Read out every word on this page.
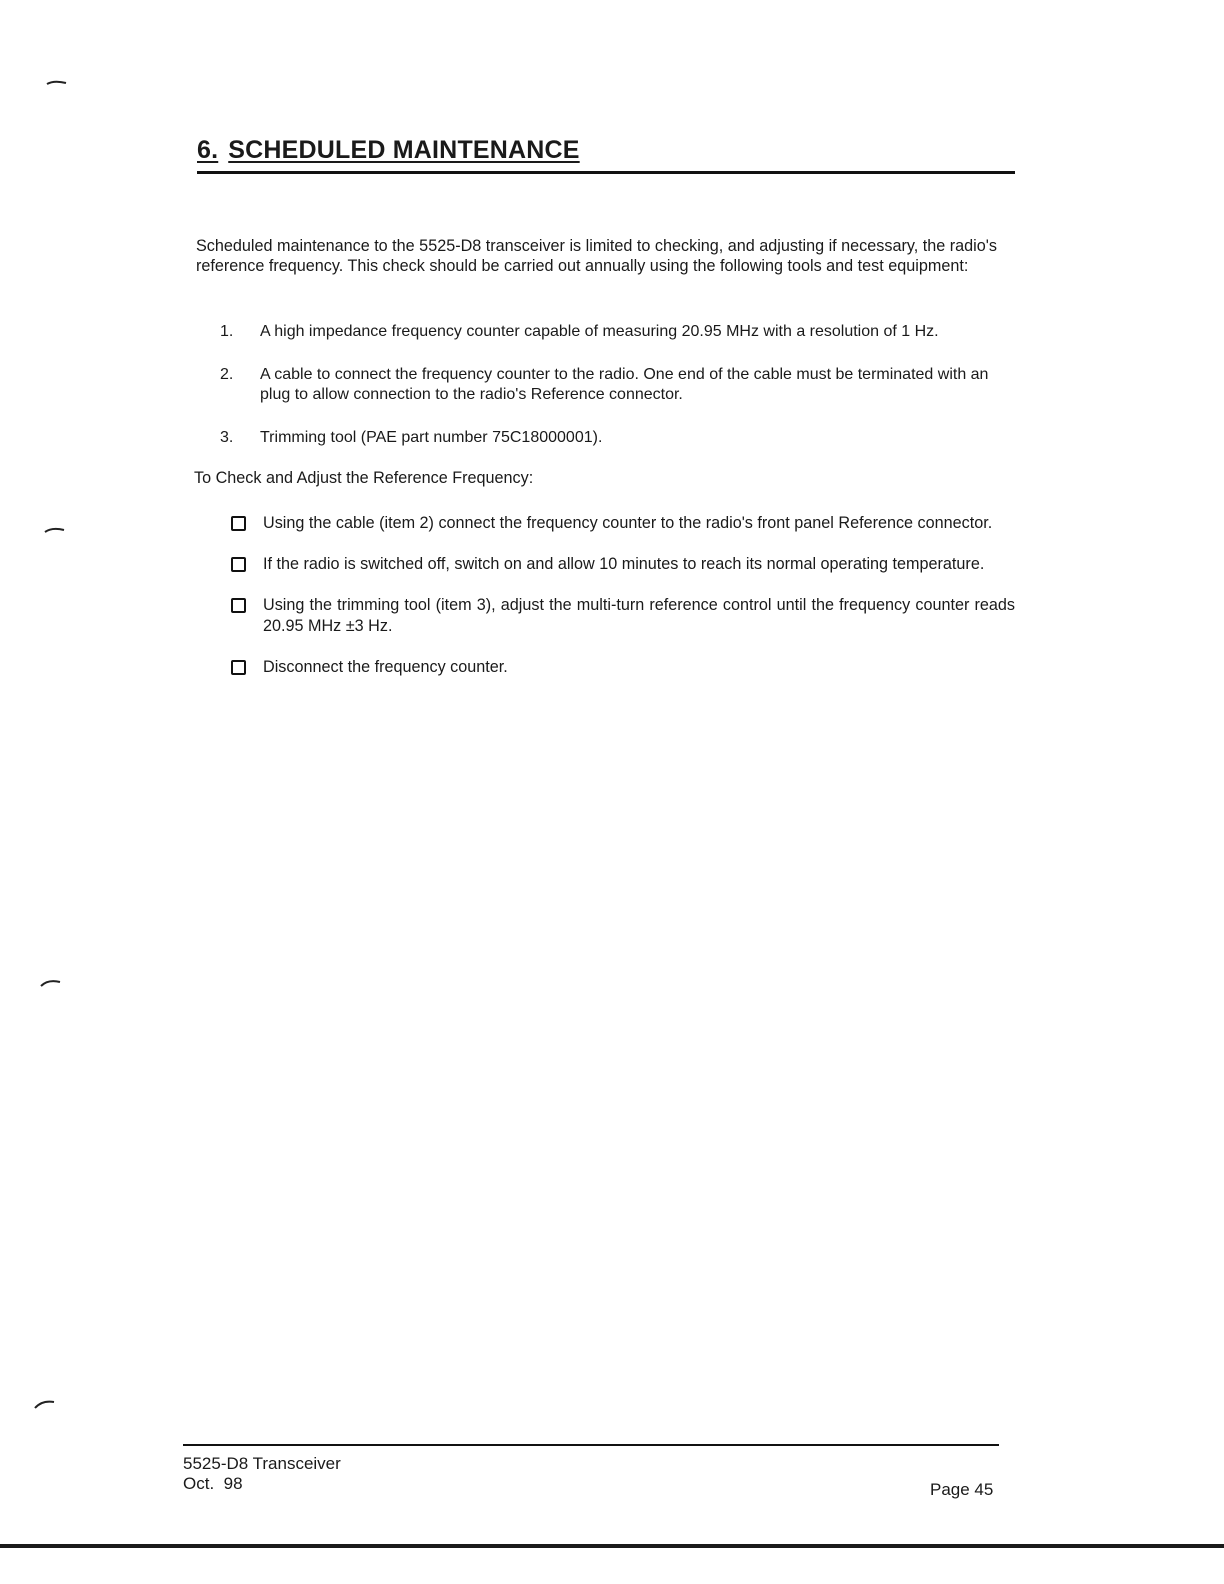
6. SCHEDULED MAINTENANCE

Scheduled maintenance to the 5525-D8 transceiver is limited to checking, and adjusting if necessary, the radio's reference frequency. This check should be carried out annually using the following tools and test equipment:

1. A high impedance frequency counter capable of measuring 20.95 MHz with a resolution of 1 Hz.
2. A cable to connect the frequency counter to the radio. One end of the cable must be terminated with an plug to allow connection to the radio's Reference connector.
3. Trimming tool (PAE part number 75C18000001).

To Check and Adjust the Reference Frequency:

Using the cable (item 2) connect the frequency counter to the radio's front panel Reference connector.
If the radio is switched off, switch on and allow 10 minutes to reach its normal operating temperature.
Using the trimming tool (item 3), adjust the multi-turn reference control until the frequency counter reads 20.95 MHz ±3 Hz.
Disconnect the frequency counter.
5525-D8 Transceiver
Oct.  98	Page 45
